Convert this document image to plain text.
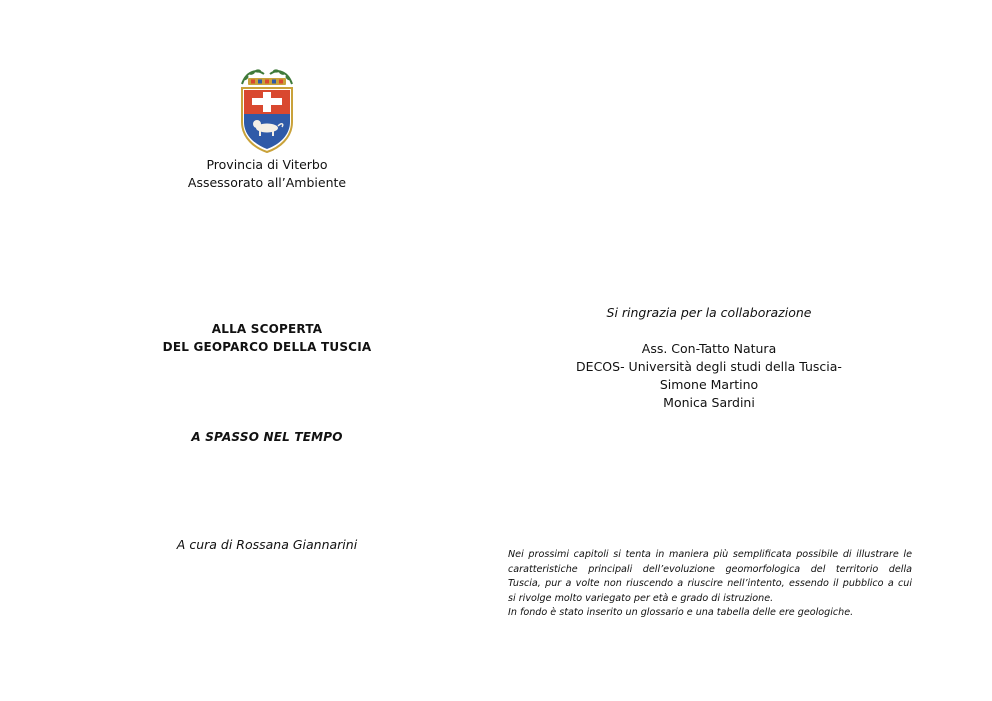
Provincia di Viterbo
Assessorato all’Ambiente
ALLA SCOPERTA
DEL GEOPARCO DELLA TUSCIA
A SPASSO NEL TEMPO
A cura di Rossana Giannarini
Si ringrazia per la collaborazione
Ass. Con-Tatto Natura
DECOS- Università degli studi della Tuscia-
Simone Martino
Monica Sardini
Nei prossimi capitoli si tenta in maniera più semplificata possibile di illustrare le
caratteristiche principali dell’evoluzione geomorfologica del territorio della
Tuscia, pur a volte non riuscendo a riuscire nell’intento, essendo il pubblico a cui
si rivolge molto variegato per età e grado di istruzione.
In fondo è stato inserito un glossario e una tabella delle ere geologiche.
